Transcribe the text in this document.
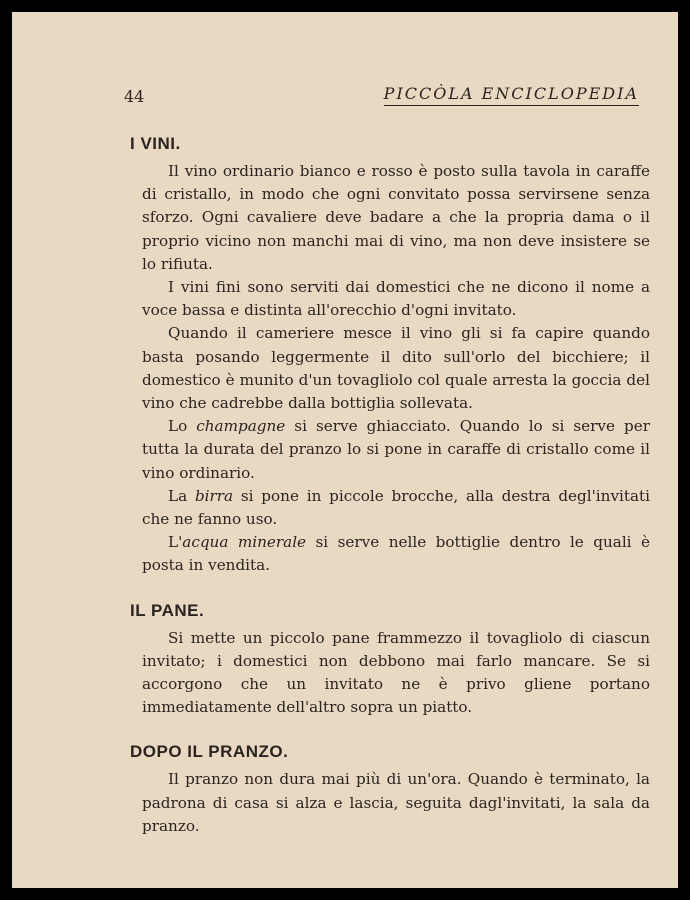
44	PICCÒLA ENCICLOPEDIA
I VINI.

Il vino ordinario bianco e rosso è posto sulla tavola in caraffe di cristallo, in modo che ogni convitato possa servirsene senza sforzo. Ogni cavaliere deve badare a che la propria dama o il proprio vicino non manchi mai di vino, ma non deve insistere se lo rifiuta.

I vini fini sono serviti dai domestici che ne dicono il nome a voce bassa e distinta all'orecchio d'ogni invitato.

Quando il cameriere mesce il vino gli si fa capire quando basta posando leggermente il dito sull'orlo del bicchiere; il domestico è munito d'un tovagliolo col quale arresta la goccia del vino che cadrebbe dalla bottiglia sollevata.

Lo champagne si serve ghiacciato. Quando lo si serve per tutta la durata del pranzo lo si pone in caraffe di cristallo come il vino ordinario.

La birra si pone in piccole brocche, alla destra degl'invitati che ne fanno uso.

L'acqua minerale si serve nelle bottiglie dentro le quali è posta in vendita.

IL PANE.

Si mette un piccolo pane frammezzo il tovagliolo di ciascun invitato; i domestici non debbono mai farlo mancare. Se si accorgono che un invitato ne è privo gliene portano immediatamente dell'altro sopra un piatto.

DOPO IL PRANZO.

Il pranzo non dura mai più di un'ora. Quando è terminato, la padrona di casa si alza e lascia, seguita dagl'invitati, la sala da pranzo.
